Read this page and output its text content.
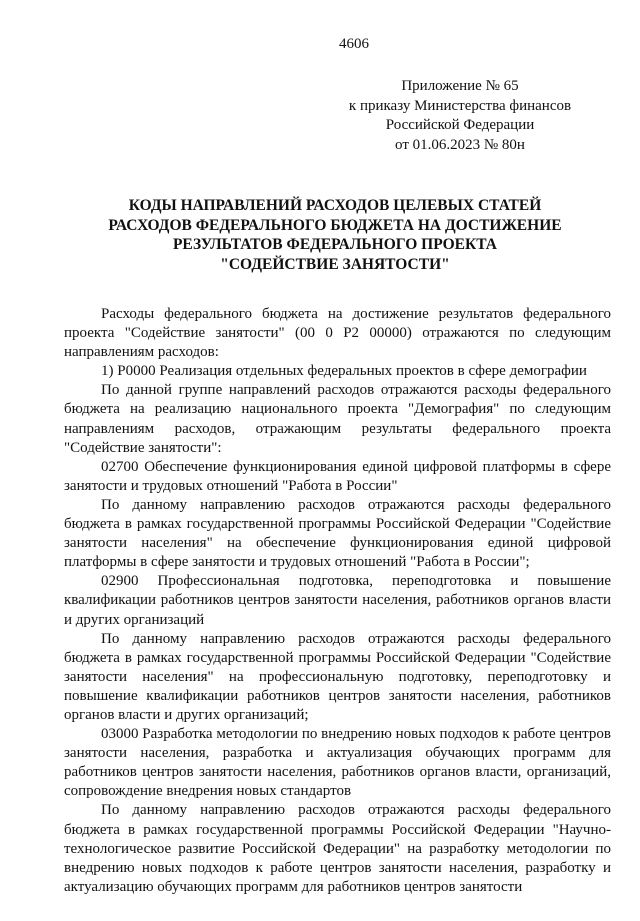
4606
Приложение № 65
к приказу Министерства финансов
Российской Федерации
от 01.06.2023 № 80н
КОДЫ НАПРАВЛЕНИЙ РАСХОДОВ ЦЕЛЕВЫХ СТАТЕЙ
РАСХОДОВ ФЕДЕРАЛЬНОГО БЮДЖЕТА НА ДОСТИЖЕНИЕ
РЕЗУЛЬТАТОВ ФЕДЕРАЛЬНОГО ПРОЕКТА
"СОДЕЙСТВИЕ ЗАНЯТОСТИ"

Расходы федерального бюджета на достижение результатов федерального проекта "Содействие занятости" (00 0 Р2 00000) отражаются по следующим направлениям расходов:

1) Р0000 Реализация отдельных федеральных проектов в сфере демографии

По данной группе направлений расходов отражаются расходы федерального бюджета на реализацию национального проекта "Демография" по следующим направлениям расходов, отражающим результаты федерального проекта "Содействие занятости":

02700 Обеспечение функционирования единой цифровой платформы в сфере занятости и трудовых отношений "Работа в России"

По данному направлению расходов отражаются расходы федерального бюджета в рамках государственной программы Российской Федерации "Содействие занятости населения" на обеспечение функционирования единой цифровой платформы в сфере занятости и трудовых отношений "Работа в России";

02900 Профессиональная подготовка, переподготовка и повышение квалификации работников центров занятости населения, работников органов власти и других организаций

По данному направлению расходов отражаются расходы федерального бюджета в рамках государственной программы Российской Федерации "Содействие занятости населения" на профессиональную подготовку, переподготовку и повышение квалификации работников центров занятости населения, работников органов власти и других организаций;

03000 Разработка методологии по внедрению новых подходов к работе центров занятости населения, разработка и актуализация обучающих программ для работников центров занятости населения, работников органов власти, организаций, сопровождение внедрения новых стандартов

По данному направлению расходов отражаются расходы федерального бюджета в рамках государственной программы Российской Федерации "Научно-технологическое развитие Российской Федерации" на разработку методологии по внедрению новых подходов к работе центров занятости населения, разработку и актуализацию обучающих программ для работников центров занятости
